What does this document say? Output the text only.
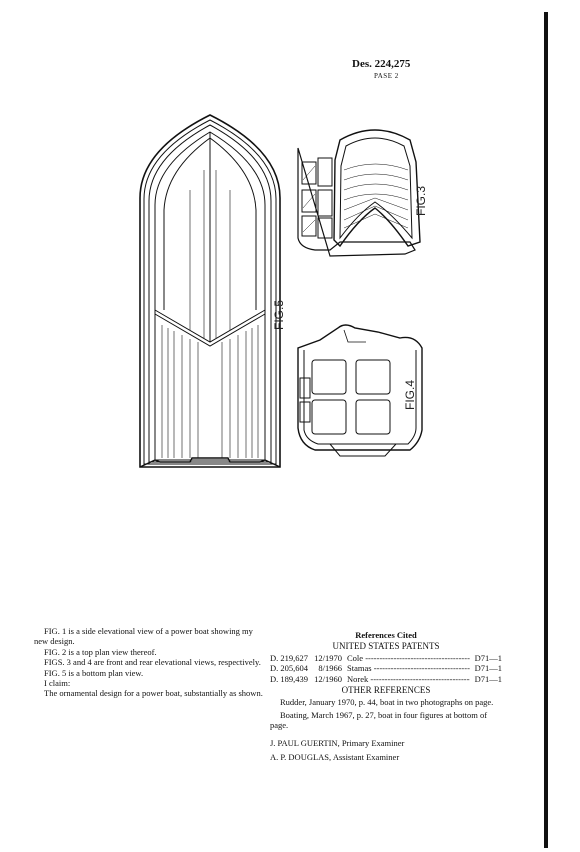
Des. 224,275
PASE 2
FIG.5
FIG.3
FIG.4

FIG. 1 is a side elevational view of a power boat showing my new design.

FIG. 2 is a top plan view thereof.

FIGS. 3 and 4 are front and rear elevational views, respectively.

FIG. 5 is a bottom plan view.

I claim:

The ornamental design for a power boat, substantially as shown.

References Cited
UNITED STATES PATENTS
D. 219,627 12/1970 Cole -----	D71—1
D. 205,604	8/1966 Stamas -----	D71—1
D. 189,439 12/1960 Norek -----	D71—1
OTHER REFERENCES

Rudder, January 1970, p. 44, boat in two photographs on page.

Boating, March 1967, p. 27, boat in four figures at bottom of page.

J. PAUL GUERTIN, Primary Examiner
A. P. DOUGLAS, Assistant Examiner
